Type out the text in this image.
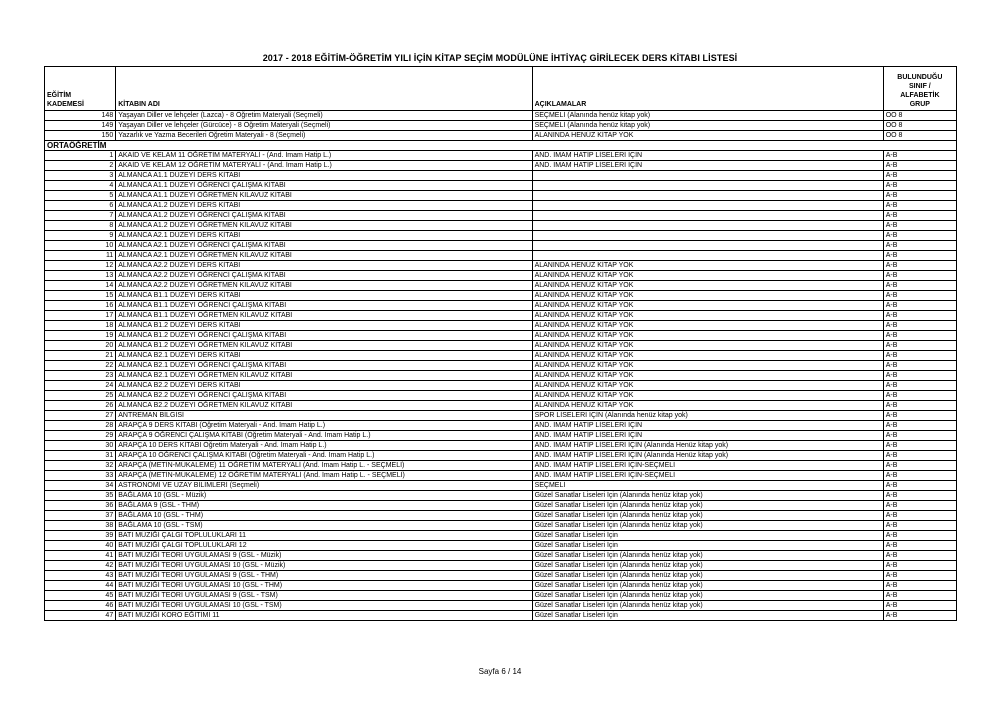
2017 - 2018 EĞİTİM-ÖĞRETİM YILI İÇİN KİTAP SEÇİM MODÜLÜNE İHTİYAÇ GİRİLECEK DERS KİTABI LİSTESİ
EĞİTİM
KADEMESİ	KİTABIN ADI	AÇIKLAMALAR	BULUNDUĞU
SINIF /
ALFABETİK
GRUP
148	Yaşayan Diller ve lehçeler (Lazca) - 8 Öğretim Materyali (Seçmeli)	SEÇMELİ (Alanında henüz kitap yok)	OO 8
149	Yaşayan Diller ve lehçeler (Gürcüce) - 8 Öğretim Materyali (Seçmeli)	SEÇMELİ (Alanında henüz kitap yok)	OO 8
150	Yazarlık ve Yazma Becerileri Öğretim Materyali - 8 (Seçmeli)	ALANINDA HENÜZ KİTAP YOK	OO 8
ORTAÖĞRETİM			
1	AKAİD VE KELAM 11 ÖĞRETİM MATERYALİ - (And. İmam Hatip L.)	AND. İMAM HATİP LİSELERİ İÇİN	A-B
2	AKAİD VE KELAM 12 ÖĞRETİM MATERYALİ - (And. İmam Hatip L.)	AND. İMAM HATİP LİSELERİ İÇİN	A-B
3	ALMANCA A1.1 DÜZEYİ DERS KİTABI		A-B
4	ALMANCA A1.1 DÜZEYİ ÖĞRENCİ ÇALIŞMA KİTABI		A-B
5	ALMANCA A1.1 DÜZEYİ ÖĞRETMEN KILAVUZ KİTABI		A-B
6	ALMANCA A1.2 DÜZEYİ DERS KİTABI		A-B
7	ALMANCA A1.2 DÜZEYİ ÖĞRENCİ ÇALIŞMA KİTABI		A-B
8	ALMANCA A1.2 DÜZEYİ ÖĞRETMEN KILAVUZ KİTABI		A-B
9	ALMANCA A2.1 DÜZEYİ DERS KİTABI		A-B
10	ALMANCA A2.1 DÜZEYİ ÖĞRENCİ ÇALIŞMA KİTABI		A-B
11	ALMANCA A2.1 DÜZEYİ ÖĞRETMEN KILAVUZ KİTABI		A-B
12	ALMANCA A2.2 DÜZEYİ DERS KİTABI	ALANINDA HENÜZ KİTAP YOK	A-B
13	ALMANCA A2.2 DÜZEYİ ÖĞRENCİ ÇALIŞMA KİTABI	ALANINDA HENÜZ KİTAP YOK	A-B
14	ALMANCA A2.2 DÜZEYİ ÖĞRETMEN KILAVUZ KİTABI	ALANINDA HENÜZ KİTAP YOK	A-B
15	ALMANCA B1.1 DÜZEYİ DERS KİTABI	ALANINDA HENÜZ KİTAP YOK	A-B
16	ALMANCA B1.1 DÜZEYİ ÖĞRENCİ ÇALIŞMA KİTABI	ALANINDA HENÜZ KİTAP YOK	A-B
17	ALMANCA B1.1 DÜZEYİ ÖĞRETMEN KILAVUZ KİTABI	ALANINDA HENÜZ KİTAP YOK	A-B
18	ALMANCA B1.2 DÜZEYİ DERS KİTABI	ALANINDA HENÜZ KİTAP YOK	A-B
19	ALMANCA B1.2 DÜZEYİ ÖĞRENCİ ÇALIŞMA KİTABI	ALANINDA HENÜZ KİTAP YOK	A-B
20	ALMANCA B1.2 DÜZEYİ ÖĞRETMEN KILAVUZ KİTABI	ALANINDA HENÜZ KİTAP YOK	A-B
21	ALMANCA B2.1 DÜZEYİ DERS KİTABI	ALANINDA HENÜZ KİTAP YOK	A-B
22	ALMANCA B2.1 DÜZEYİ ÖĞRENCİ ÇALIŞMA KİTABI	ALANINDA HENÜZ KİTAP YOK	A-B
23	ALMANCA B2.1 DÜZEYİ ÖĞRETMEN KILAVUZ KİTABI	ALANINDA HENÜZ KİTAP YOK	A-B
24	ALMANCA B2.2 DÜZEYİ DERS KİTABI	ALANINDA HENÜZ KİTAP YOK	A-B
25	ALMANCA B2.2 DÜZEYİ ÖĞRENCİ ÇALIŞMA KİTABI	ALANINDA HENÜZ KİTAP YOK	A-B
26	ALMANCA B2.2 DÜZEYİ ÖĞRETMEN KILAVUZ KİTABI	ALANINDA HENÜZ KİTAP YOK	A-B
27	ANTREMAN BİLGİSİ	SPOR LİSELERİ İÇİN (Alanında henüz kitap yok)	A-B
28	ARAPÇA 9 DERS KİTABI (Öğretim Materyali - And. İmam Hatip L.)	AND. İMAM HATİP LİSELERİ İÇİN	A-B
29	ARAPÇA 9 ÖĞRENCİ ÇALIŞMA KİTABI (Öğretim Materyali - And. İmam Hatip L.)	AND. İMAM HATİP LİSELERİ İÇİN	A-B
30	ARAPÇA 10 DERS KİTABI Öğretim Materyali - And. İmam Hatip L.)	AND. İMAM HATİP LİSELERİ İÇİN (Alanında Henüz kitap yok)	A-B
31	ARAPÇA 10 ÖĞRENCİ ÇALIŞMA KİTABI (Öğretim Materyali - And. İmam Hatip L.)	AND. İMAM HATİP LİSELERİ İÇİN (Alanında Henüz kitap yok)	A-B
32	ARAPÇA (METİN-MÜKALEME) 11 ÖĞRETİM MATERYALİ (And. İmam Hatip L. - SEÇMELİ)	AND. İMAM HATİP LİSELERİ İÇİN-SEÇMELİ	A-B
33	ARAPÇA (METİN-MÜKALEME) 12 ÖĞRETİM MATERYALİ (And. İmam Hatip L. - SEÇMELİ)	AND. İMAM HATİP LİSELERİ İÇİN-SEÇMELİ	A-B
34	ASTRONOMİ VE UZAY BİLİMLERİ (Seçmeli)	SEÇMELİ	A-B
35	BAĞLAMA 10 (GSL - Müzik)	Güzel Sanatlar Liseleri İçin (Alanında henüz kitap yok)	A-B
36	BAĞLAMA 9 (GSL - THM)	Güzel Sanatlar Liseleri İçin (Alanında henüz kitap yok)	A-B
37	BAĞLAMA 10 (GSL - THM)	Güzel Sanatlar Liseleri İçin (Alanında henüz kitap yok)	A-B
38	BAĞLAMA 10 (GSL - TSM)	Güzel Sanatlar Liseleri İçin (Alanında henüz kitap yok)	A-B
39	BATI MÜZİĞİ ÇALGI TOPLULUKLARI 11	Güzel Sanatlar Liseleri İçin	A-B
40	BATI MÜZİĞİ ÇALGI TOPLULUKLARI 12	Güzel Sanatlar Liseleri İçin	A-B
41	BATI MÜZİĞİ TEORİ UYGULAMASI 9 (GSL - Müzik)	Güzel Sanatlar Liseleri İçin (Alanında henüz kitap yok)	A-B
42	BATI MÜZİĞİ TEORİ UYGULAMASI 10 (GSL - Müzik)	Güzel Sanatlar Liseleri İçin (Alanında henüz kitap yok)	A-B
43	BATI MÜZİĞİ TEORİ UYGULAMASI 9 (GSL - THM)	Güzel Sanatlar Liseleri İçin (Alanında henüz kitap yok)	A-B
44	BATI MÜZİĞİ TEORİ UYGULAMASI 10 (GSL - THM)	Güzel Sanatlar Liseleri İçin (Alanında henüz kitap yok)	A-B
45	BATI MÜZİĞİ TEORİ UYGULAMASI 9 (GSL - TSM)	Güzel Sanatlar Liseleri İçin (Alanında henüz kitap yok)	A-B
46	BATI MÜZİĞİ TEORİ UYGULAMASI 10 (GSL - TSM)	Güzel Sanatlar Liseleri İçin (Alanında henüz kitap yok)	A-B
47	BATI MÜZİĞİ KORO EĞİTİMİ 11	Güzel Sanatlar Liseleri İçin	A-B
Sayfa 6 / 14
